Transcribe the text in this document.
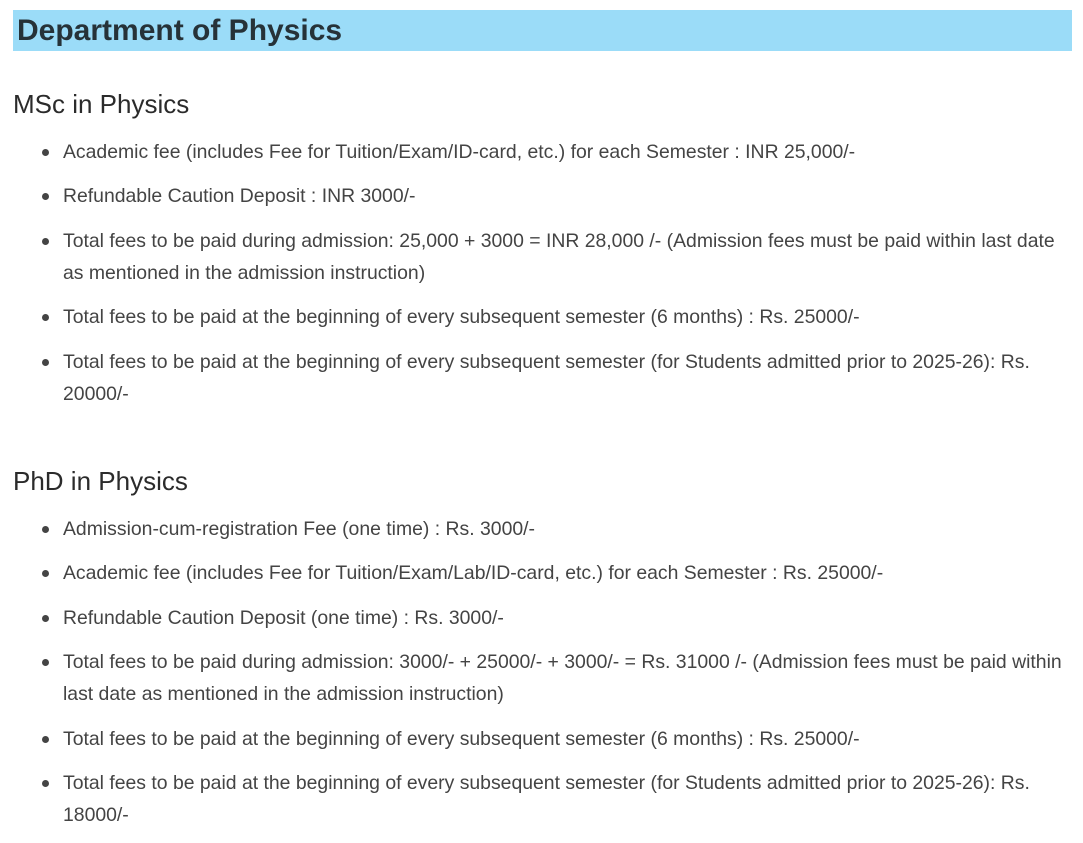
Department of Physics
MSc in Physics
Academic fee (includes Fee for Tuition/Exam/ID-card, etc.) for each Semester : INR 25,000/-
Refundable Caution Deposit : INR 3000/-
Total fees to be paid during admission: 25,000 + 3000 = INR 28,000 /- (Admission fees must be paid within last date as mentioned in the admission instruction)
Total fees to be paid at the beginning of every subsequent semester (6 months) : Rs. 25000/-
Total fees to be paid at the beginning of every subsequent semester (for Students admitted prior to 2025-26): Rs. 20000/-
PhD in Physics
Admission-cum-registration Fee (one time) : Rs. 3000/-
Academic fee (includes Fee for Tuition/Exam/Lab/ID-card, etc.) for each Semester : Rs. 25000/-
Refundable Caution Deposit (one time) : Rs. 3000/-
Total fees to be paid during admission: 3000/- + 25000/- + 3000/- = Rs. 31000 /- (Admission fees must be paid within last date as mentioned in the admission instruction)
Total fees to be paid at the beginning of every subsequent semester (6 months) : Rs. 25000/-
Total fees to be paid at the beginning of every subsequent semester (for Students admitted prior to 2025-26): Rs. 18000/-
